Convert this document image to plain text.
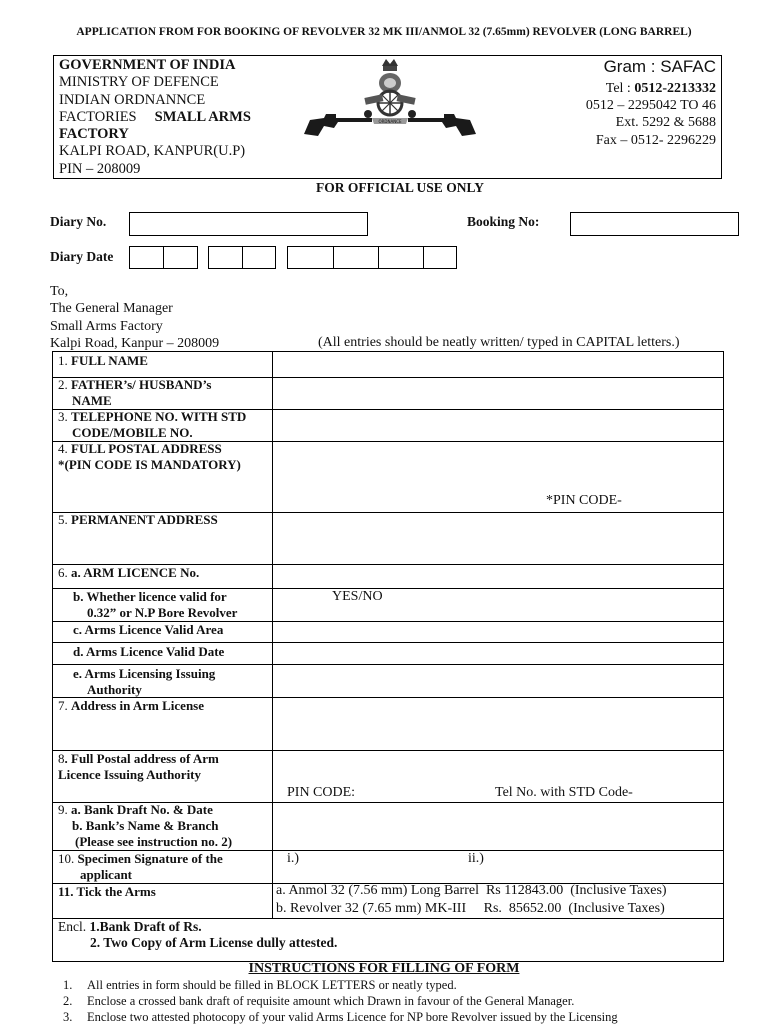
APPLICATION FROM FOR BOOKING OF REVOLVER 32 MK III/ANMOL 32 (7.65mm) REVOLVER (LONG BARREL)
GOVERNMENT OF INDIA
MINISTRY OF DEFENCE
INDIAN ORDNANNCE
FACTORIES SMALL ARMS
FACTORY
KALPI ROAD, KANPUR(U.P)
PIN – 208009
ORDNANCE
Gram : SAFAC
Tel : 0512-2213332
0512 – 2295042 TO 46
Ext. 5292 & 5688
Fax – 0512- 2296229
FOR OFFICIAL USE ONLY
Diary No.	Booking No:
Diary Date
To,
The General Manager
Small Arms Factory
Kalpi Road, Kanpur – 208009	(All entries should be neatly written/ typed in CAPITAL letters.)
1. FULL NAME
2. FATHER’s/ HUSBAND’s
NAME
3. TELEPHONE NO. WITH STD
CODE/MOBILE NO.
4. FULL POSTAL ADDRESS
*(PIN CODE IS MANDATORY)
*PIN CODE-
5. PERMANENT ADDRESS
6. a. ARM LICENCE No.
b. Whether licence valid for
0.32” or N.P Bore Revolver
YES/NO
c. Arms Licence Valid Area
d. Arms Licence Valid Date
e. Arms Licensing Issuing
Authority
7. Address in Arm License
8. Full Postal address of Arm
Licence Issuing Authority
PIN CODE:	Tel No. with STD Code-
9. a. Bank Draft No. & Date
b. Bank’s Name & Branch
(Please see instruction no. 2)
10. Specimen Signature of the
applicant
i.)	ii.)
11. Tick the Arms	a. Anmol 32 (7.56 mm) Long Barrel  Rs 112843.00  (Inclusive Taxes)
b. Revolver 32 (7.65 mm) MK-III     Rs.  85652.00  (Inclusive Taxes)
Encl. 1.Bank Draft of Rs.
2. Two Copy of Arm License dully attested.
INSTRUCTIONS FOR FILLING OF FORM
1. All entries in form should be filled in BLOCK LETTERS or neatly typed.
2. Enclose a crossed bank draft of requisite amount which Drawn in favour of the General Manager.
3. Enclose two attested photocopy of your valid Arms Licence for NP bore Revolver issued by the Licensing
